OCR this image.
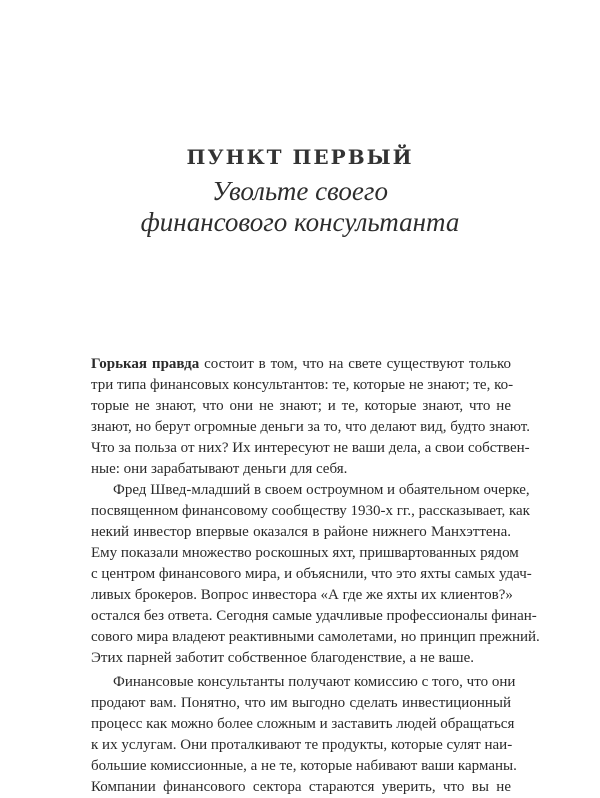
ПУНКТ ПЕРВЫЙ
Увольте своего
финансового консультанта
Горькая правда состоит в том, что на свете существуют только
три типа финансовых консультантов: те, которые не знают; те, ко-
торые не знают, что они не знают; и те, которые знают, что не
знают, но берут огромные деньги за то, что делают вид, будто знают.
Что за польза от них? Их интересуют не ваши дела, а свои собствен-
ные: они зарабатывают деньги для себя.
Фред Швед-младший в своем остроумном и обаятельном очерке,
посвященном финансовому сообществу 1930-х гг., рассказывает, как
некий инвестор впервые оказался в районе нижнего Манхэттена.
Ему показали множество роскошных яхт, пришвартованных рядом
с центром финансового мира, и объяснили, что это яхты самых удач-
ливых брокеров. Вопрос инвестора «А где же яхты их клиентов?»
остался без ответа. Сегодня самые удачливые профессионалы финан-
сового мира владеют реактивными самолетами, но принцип прежний.
Этих парней заботит собственное благоденствие, а не ваше.
Финансовые консультанты получают комиссию с того, что они
продают вам. Понятно, что им выгодно сделать инвестиционный
процесс как можно более сложным и заставить людей обращаться
к их услугам. Они проталкивают те продукты, которые сулят наи-
большие комиссионные, а не те, которые набивают ваши карманы.
Компании финансового сектора стараются уверить, что вы не
